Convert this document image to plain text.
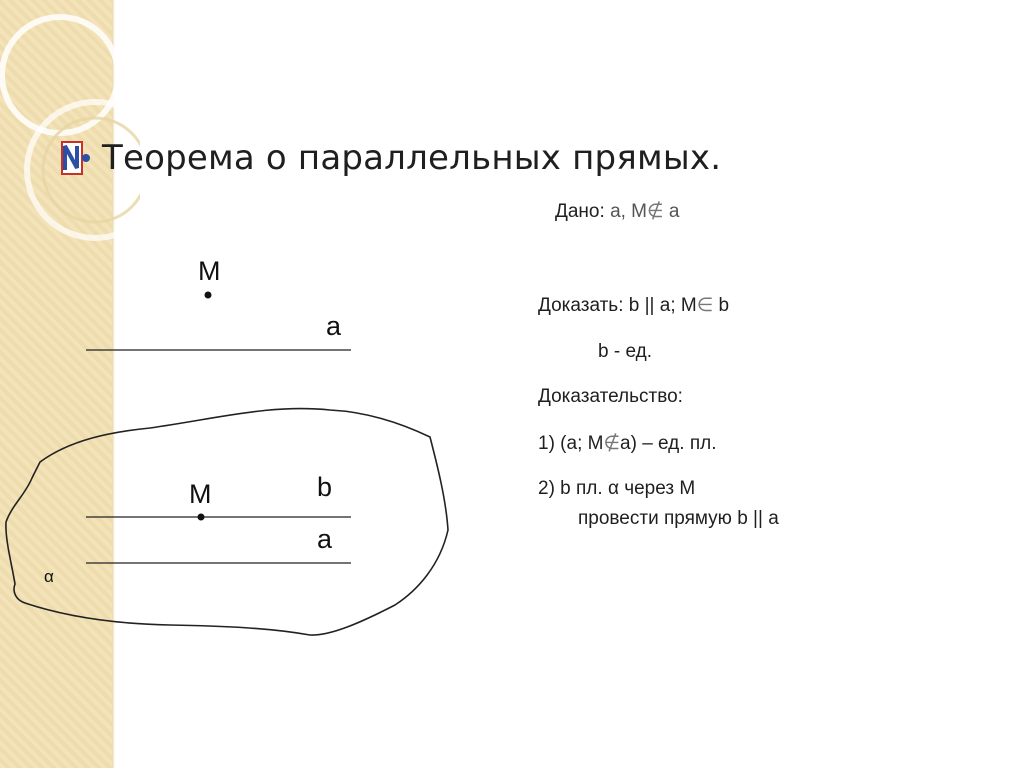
Теорема о параллельных прямых.
Дано: а, M∉ а
Доказать: b || а; M∈ b
b - ед.
Доказательство:
1) (а; M∉а) – ед. пл.
2) b пл. α через M
провести прямую b || а
M
a
M	b
a
α
